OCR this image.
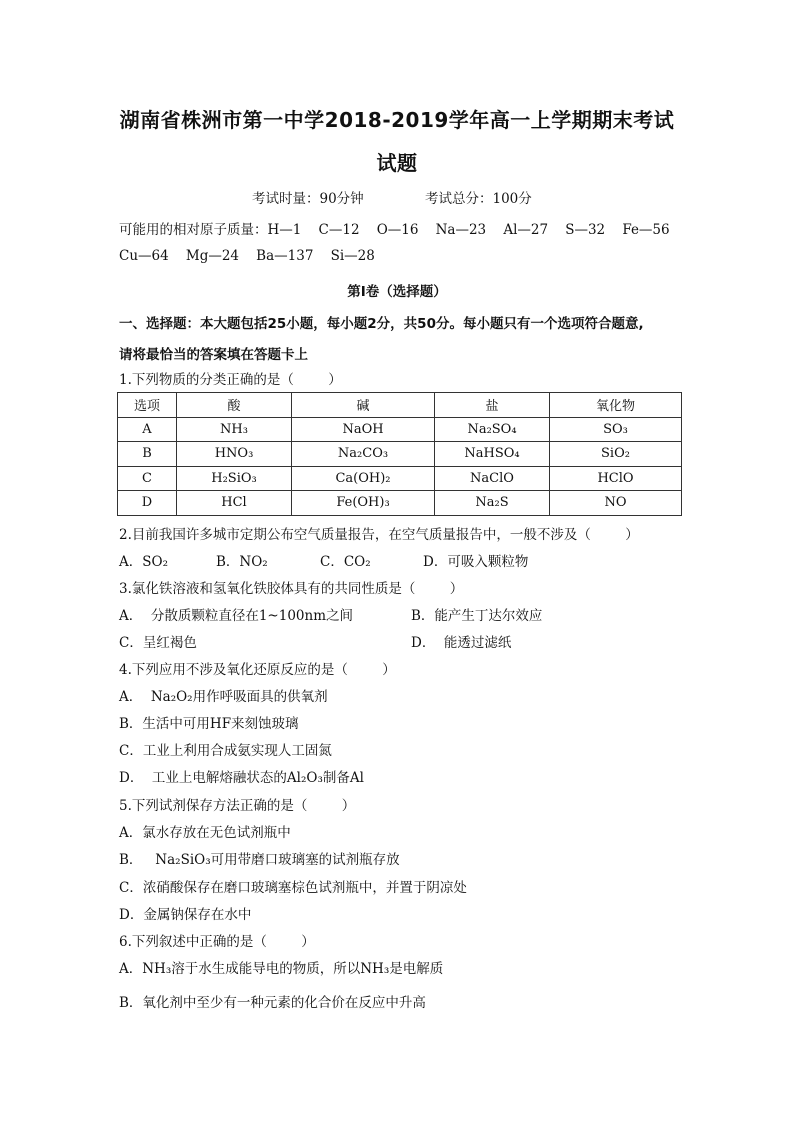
湖南省株洲市第一中学2018-2019学年高一上学期期末考试
试题
考试时量：90分钟	考试总分：100分
可能用的相对原子质量：H—1    C—12    O—16    Na—23    Al—27    S—32    Fe—56
Cu—64    Mg—24    Ba—137    Si—28
第Ⅰ卷（选择题）
一、选择题：本大题包括25小题，每小题2分，共50分。每小题只有一个选项符合题意,
请将最恰当的答案填在答题卡上
1.下列物质的分类正确的是（        ）
选项	酸	碱	盐	氧化物
A	NH₃	NaOH	Na₂SO₄	SO₃
B	HNO₃	Na₂CO₃	NaHSO₄	SiO₂
C	H₂SiO₃	Ca(OH)₂	NaClO	HClO
D	HCl	Fe(OH)₃	Na₂S	NO
2.目前我国许多城市定期公布空气质量报告，在空气质量报告中，一般不涉及（        ）
A．SO₂	B．NO₂	C．CO₂	D．可吸入颗粒物
3.氯化铁溶液和氢氧化铁胶体具有的共同性质是（        ）
A．  分散质颗粒直径在1~100nm之间	B．能产生丁达尔效应
C．呈红褐色	D．  能透过滤纸
4.下列应用不涉及氧化还原反应的是（        ）
A．  Na₂O₂用作呼吸面具的供氧剂
B．生活中可用HF来刻蚀玻璃
C．工业上利用合成氨实现人工固氮
D．  工业上电解熔融状态的Al₂O₃制备Al
5.下列试剂保存方法正确的是（        ）
A．氯水存放在无色试剂瓶中
B．   Na₂SiO₃可用带磨口玻璃塞的试剂瓶存放
C．浓硝酸保存在磨口玻璃塞棕色试剂瓶中，并置于阴凉处
D．金属钠保存在水中
6.下列叙述中正确的是（        ）
A．NH₃溶于水生成能导电的物质，所以NH₃是电解质
B．氧化剂中至少有一种元素的化合价在反应中升高
